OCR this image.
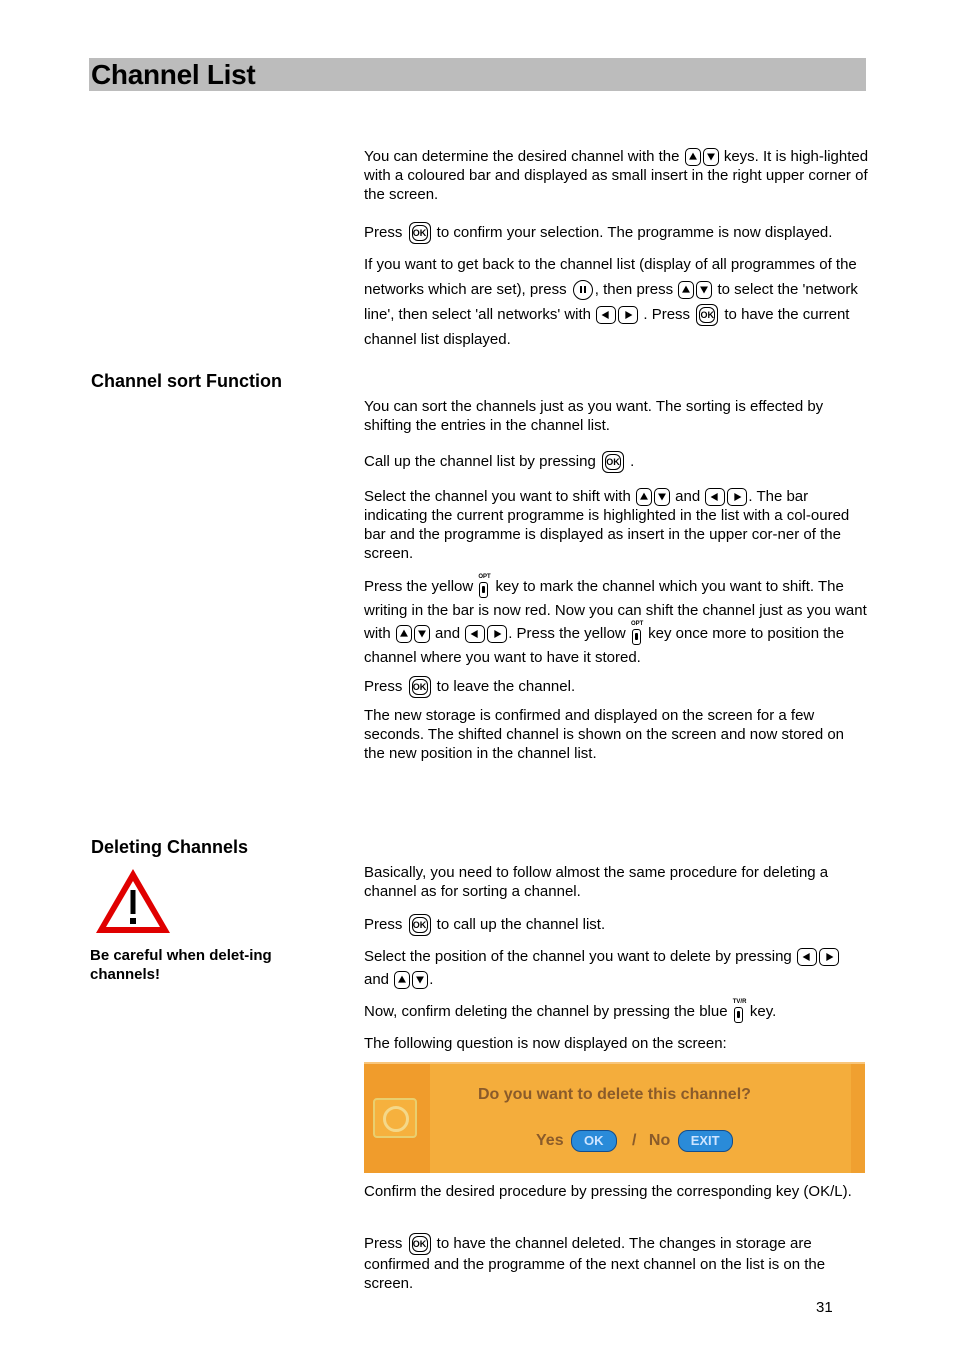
Channel List

You can determine the desired channel with the
keys. It is high-lighted with a coloured bar and displayed as small insert in the right upper corner of the screen.

Press OK to confirm your selection. The programme is now displayed.

If you want to get back to the channel list (display of all programmes of the networks which are set), press , then press
to select the 'network line', then select 'all networks' with	. Press OK to have the current channel list displayed.

Channel sort Function

You can sort the channels just as you want. The sorting is effected by shifting the entries in the channel list.

Call up the channel list by pressing OK .

Select the channel you want to shift with
and	. The bar indicating the current programme is highlighted in the list with a col-oured bar and the programme is displayed as insert in the upper cor-ner of the screen.

Press the yellow
OPT
key to mark the channel which you want to shift. The writing in the bar is now red. Now you can shift the channel just as you want with
and	. Press the yellow
OPT
key once more to position the channel where you want to have it stored.

Press OK to leave the channel.

The new storage is confirmed and displayed on the screen for a few seconds. The shifted channel is shown on the screen and now stored on the new position in the channel list.

Deleting Channels

Be careful when delet-ing channels!

Basically, you need to follow almost the same procedure for deleting a channel as for sorting a channel.

Press OK to call up the channel list.

Select the position of the channel you want to delete by pressing
and
.

Now, confirm deleting the channel by pressing the blue
TV/R
key.

The following question is now displayed on the screen:

Do you want to delete this channel?
Yes OK / No EXIT

Confirm the desired procedure by pressing the corresponding key (OK/L).

Press OK to have the channel deleted. The changes in storage are confirmed and the programme of the next channel on the list is on the screen.

31
